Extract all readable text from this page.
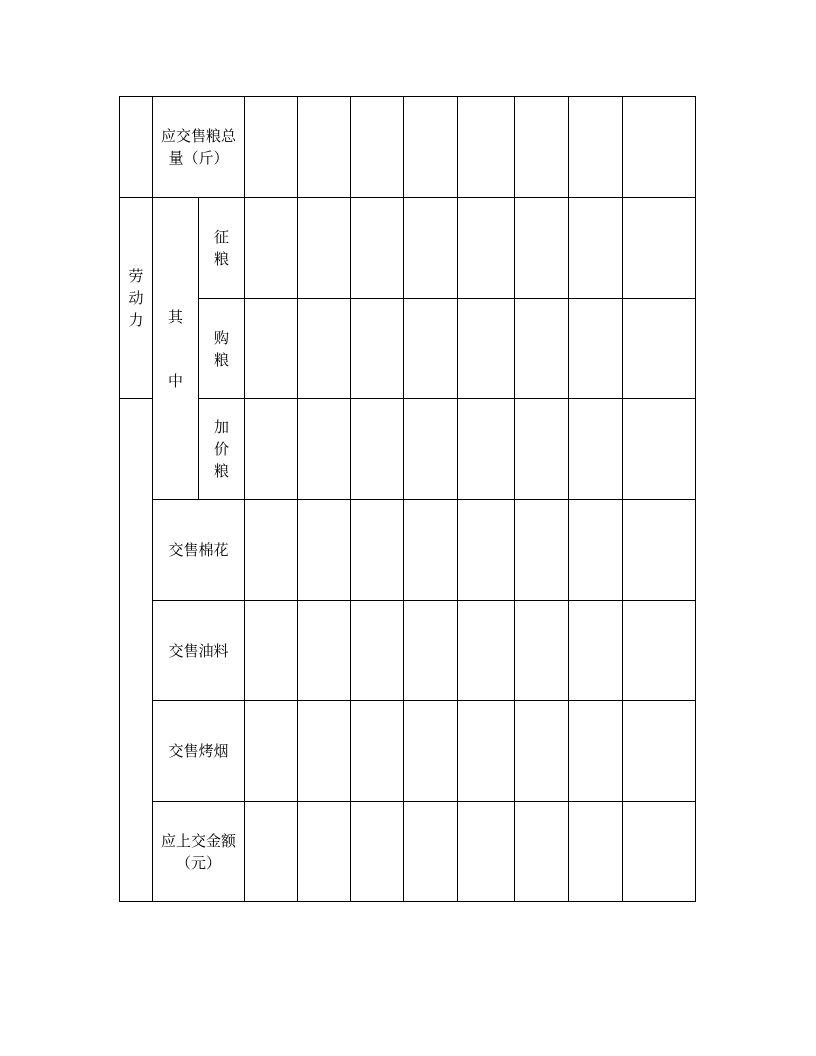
应交售粮总
量（斤）
劳
动
力 其
中
征
粮
购
粮
加
价
粮
交售棉花
交售油料
交售烤烟
应上交金额
（元）
